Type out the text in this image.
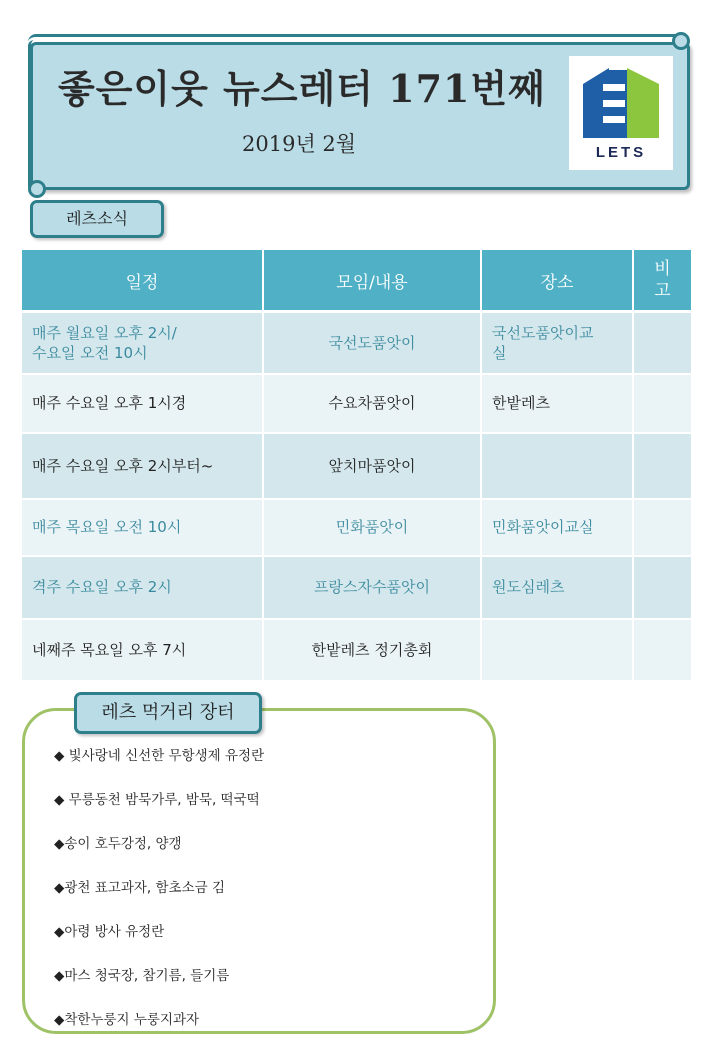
좋은이웃 뉴스레터 171번째
2019년 2월	LETS
레츠소식
일정	모임/내용	장소	비
고
매주 월요일 오후 2시/
수요일 오전 10시	국선도품앗이	국선도품앗이교
실	
매주 수요일 오후 1시경	수요차품앗이	한밭레츠	
매주 수요일 오후 2시부터~	앞치마품앗이		
매주 목요일 오전 10시	민화품앗이	민화품앗이교실	
격주 수요일 오후 2시	프랑스자수품앗이	원도심레츠	
네째주 목요일 오후 7시	한밭레츠 정기총회		
레츠 먹거리 장터
◆ 빛사랑네 신선한 무항생제 유정란
◆ 무릉동천 밤묵가루, 밤묵, 떡국떡
◆송이 호두강정, 양갱
◆광천 표고과자, 함초소금 김
◆아령 방사 유정란
◆마스 청국장, 참기름, 들기름
◆착한누룽지 누룽지과자
